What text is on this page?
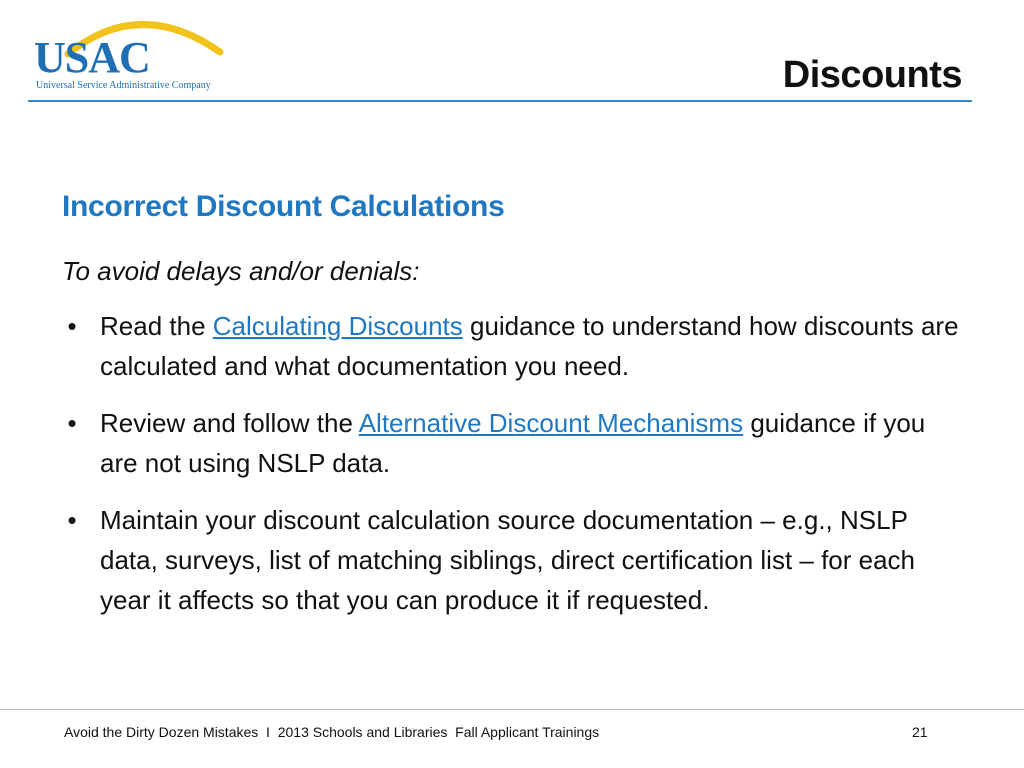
USAC
Universal Service Administrative Company	Discounts
Incorrect Discount Calculations
To avoid delays and/or denials:
• Read the Calculating Discounts guidance to understand how discounts are calculated and what documentation you need.
• Review and follow the Alternative Discount Mechanisms guidance if you are not using NSLP data.
• Maintain your discount calculation source documentation – e.g., NSLP data, surveys, list of matching siblings, direct certification list – for each year it affects so that you can produce it if requested.
Avoid the Dirty Dozen Mistakes  I  2013 Schools and Libraries  Fall Applicant Trainings	21
